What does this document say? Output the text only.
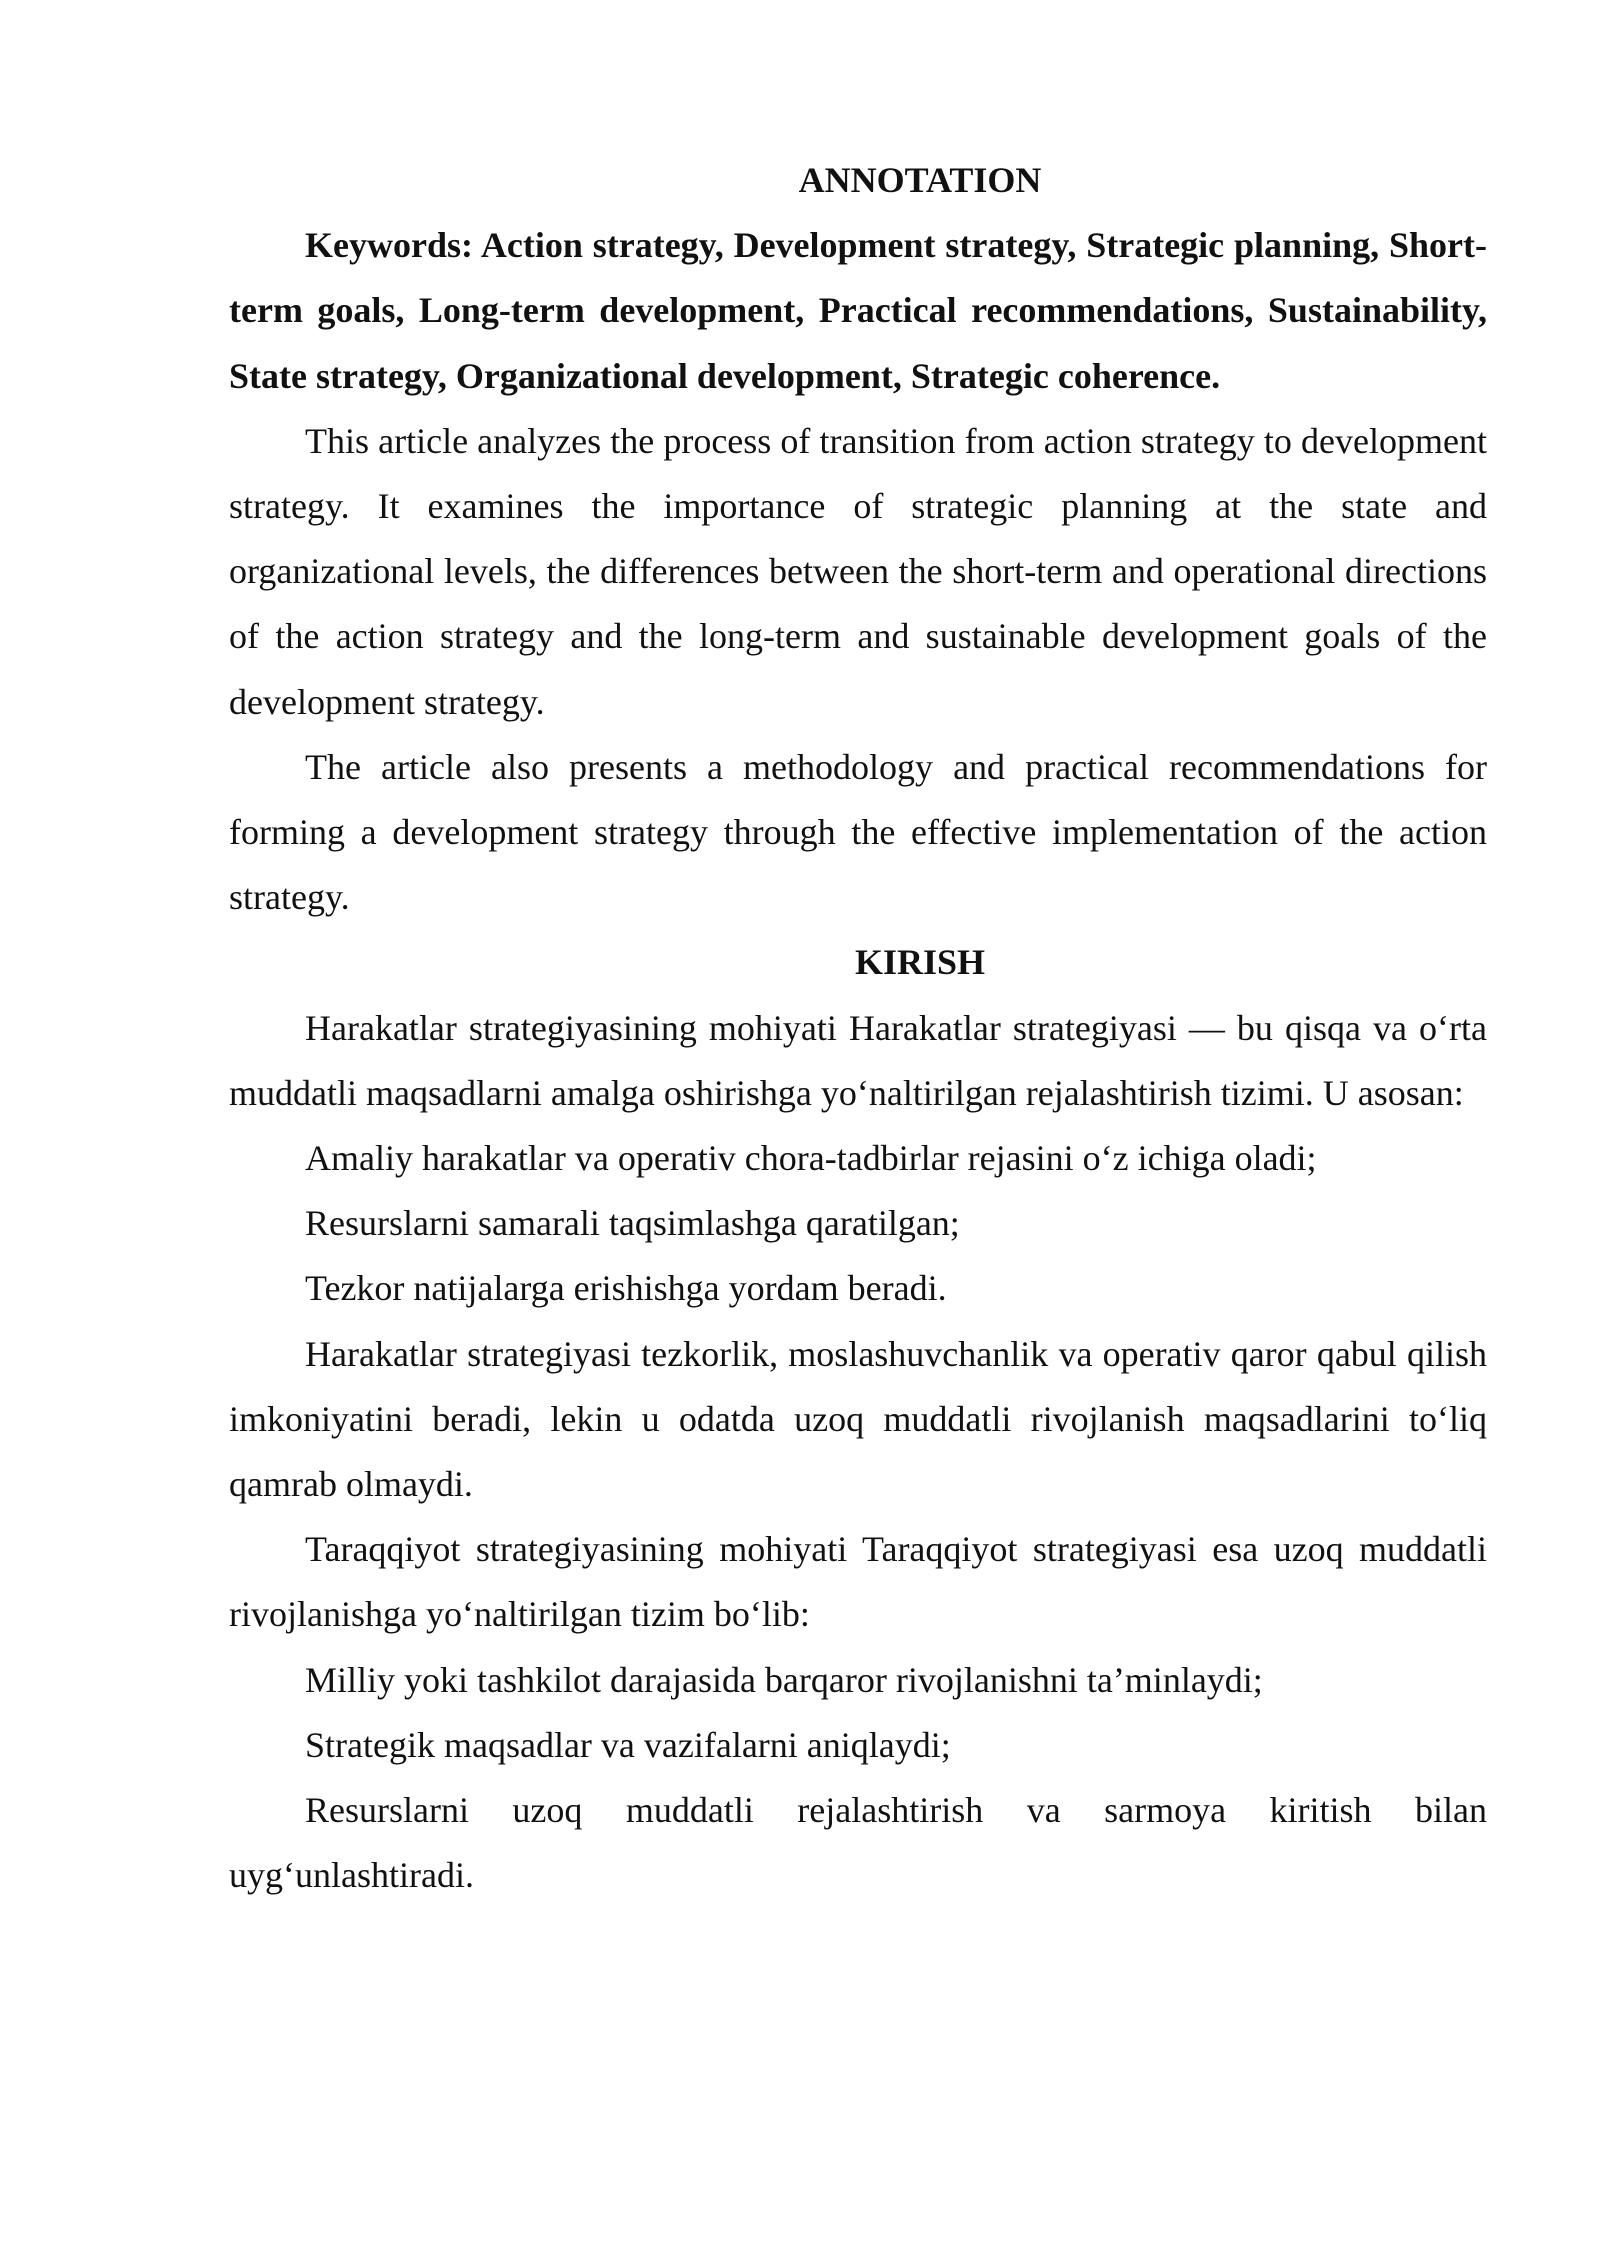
ANNOTATION

Keywords: Action strategy, Development strategy, Strategic planning, Short-term goals, Long-term development, Practical recommendations, Sustainability, State strategy, Organizational development, Strategic coherence.

This article analyzes the process of transition from action strategy to development strategy. It examines the importance of strategic planning at the state and organizational levels, the differences between the short-term and operational directions of the action strategy and the long-term and sustainable development goals of the development strategy.

The article also presents a methodology and practical recommendations for forming a development strategy through the effective implementation of the action strategy.

KIRISH

Harakatlar strategiyasining mohiyati Harakatlar strategiyasi — bu qisqa va o‘rta muddatli maqsadlarni amalga oshirishga yo‘naltirilgan rejalashtirish tizimi. U asosan:

Amaliy harakatlar va operativ chora-tadbirlar rejasini o‘z ichiga oladi;

Resurslarni samarali taqsimlashga qaratilgan;

Tezkor natijalarga erishishga yordam beradi.

Harakatlar strategiyasi tezkorlik, moslashuvchanlik va operativ qaror qabul qilish imkoniyatini beradi, lekin u odatda uzoq muddatli rivojlanish maqsadlarini to‘liq qamrab olmaydi.

Taraqqiyot strategiyasining mohiyati Taraqqiyot strategiyasi esa uzoq muddatli rivojlanishga yo‘naltirilgan tizim bo‘lib:

Milliy yoki tashkilot darajasida barqaror rivojlanishni ta’minlaydi;

Strategik maqsadlar va vazifalarni aniqlaydi;

Resurslarni uzoq muddatli rejalashtirish va sarmoya kiritish bilan uyg‘unlashtiradi.
